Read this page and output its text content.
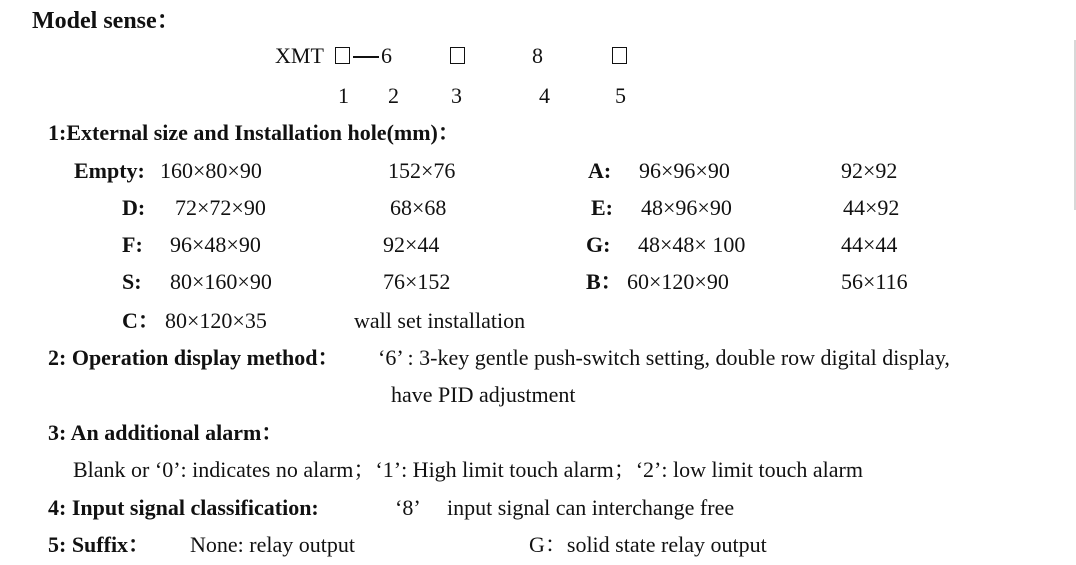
Model sense：
XMT	6	8
1 2 3	4	5
1:External size and Installation hole(mm)：
Empty: 160×80×90	152×76	A: 96×96×90	92×92
D: 72×72×90	68×68	E: 48×96×90	44×92
F: 96×48×90	92×44	G: 48×48× 100	44×44
S: 80×160×90	76×152	B： 60×120×90	56×116
C： 80×120×35	wall set installation
2: Operation display method： ‘6’ : 3-key gentle push-switch setting, double row digital display,
have PID adjustment
3: An additional alarm：
Blank or ‘0’: indicates no alarm；‘1’: High limit touch alarm；‘2’: low limit touch alarm
4: Input signal classification:	‘8’ input signal can interchange free
5: Suffix： None: relay output	G：solid state relay output
